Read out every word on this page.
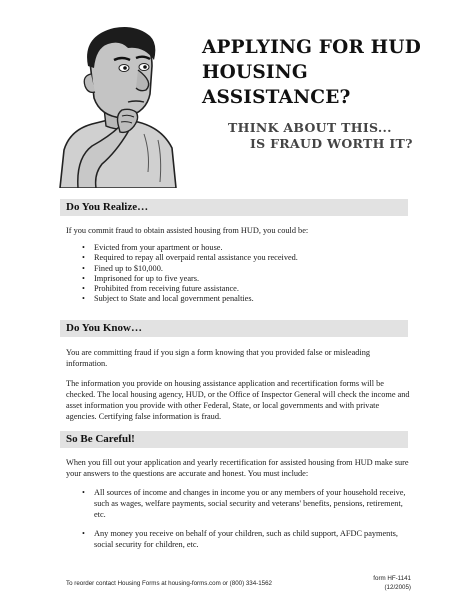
APPLYING FOR HUD
HOUSING
ASSISTANCE?
THINK ABOUT THIS...
IS FRAUD WORTH IT?
Do You Realize…
If you commit fraud to obtain assisted housing from HUD, you could be:
• Evicted from your apartment or house.
• Required to repay all overpaid rental assistance you received.
• Fined up to $10,000.
• Imprisoned for up to five years.
• Prohibited from receiving future assistance.
• Subject to State and local government penalties.
Do You Know…
You are committing fraud if you sign a form knowing that you provided false or misleading information.
The information you provide on housing assistance application and recertification forms will be checked. The local housing agency, HUD, or the Office of Inspector General will check the income and asset information you provide with other Federal, State, or local governments and with private agencies. Certifying false information is fraud.
So Be Careful!
When you fill out your application and yearly recertification for assisted housing from HUD make sure your answers to the questions are accurate and honest. You must include:
• All sources of income and changes in income you or any members of your household receive, such as wages, welfare payments, social security and veterans' benefits, pensions, retirement, etc.
• Any money you receive on behalf of your children, such as child support, AFDC payments, social security for children, etc.
To reorder contact Housing Forms at housing-forms.com or (800) 334-1562
form HF-1141
(12/2005)
